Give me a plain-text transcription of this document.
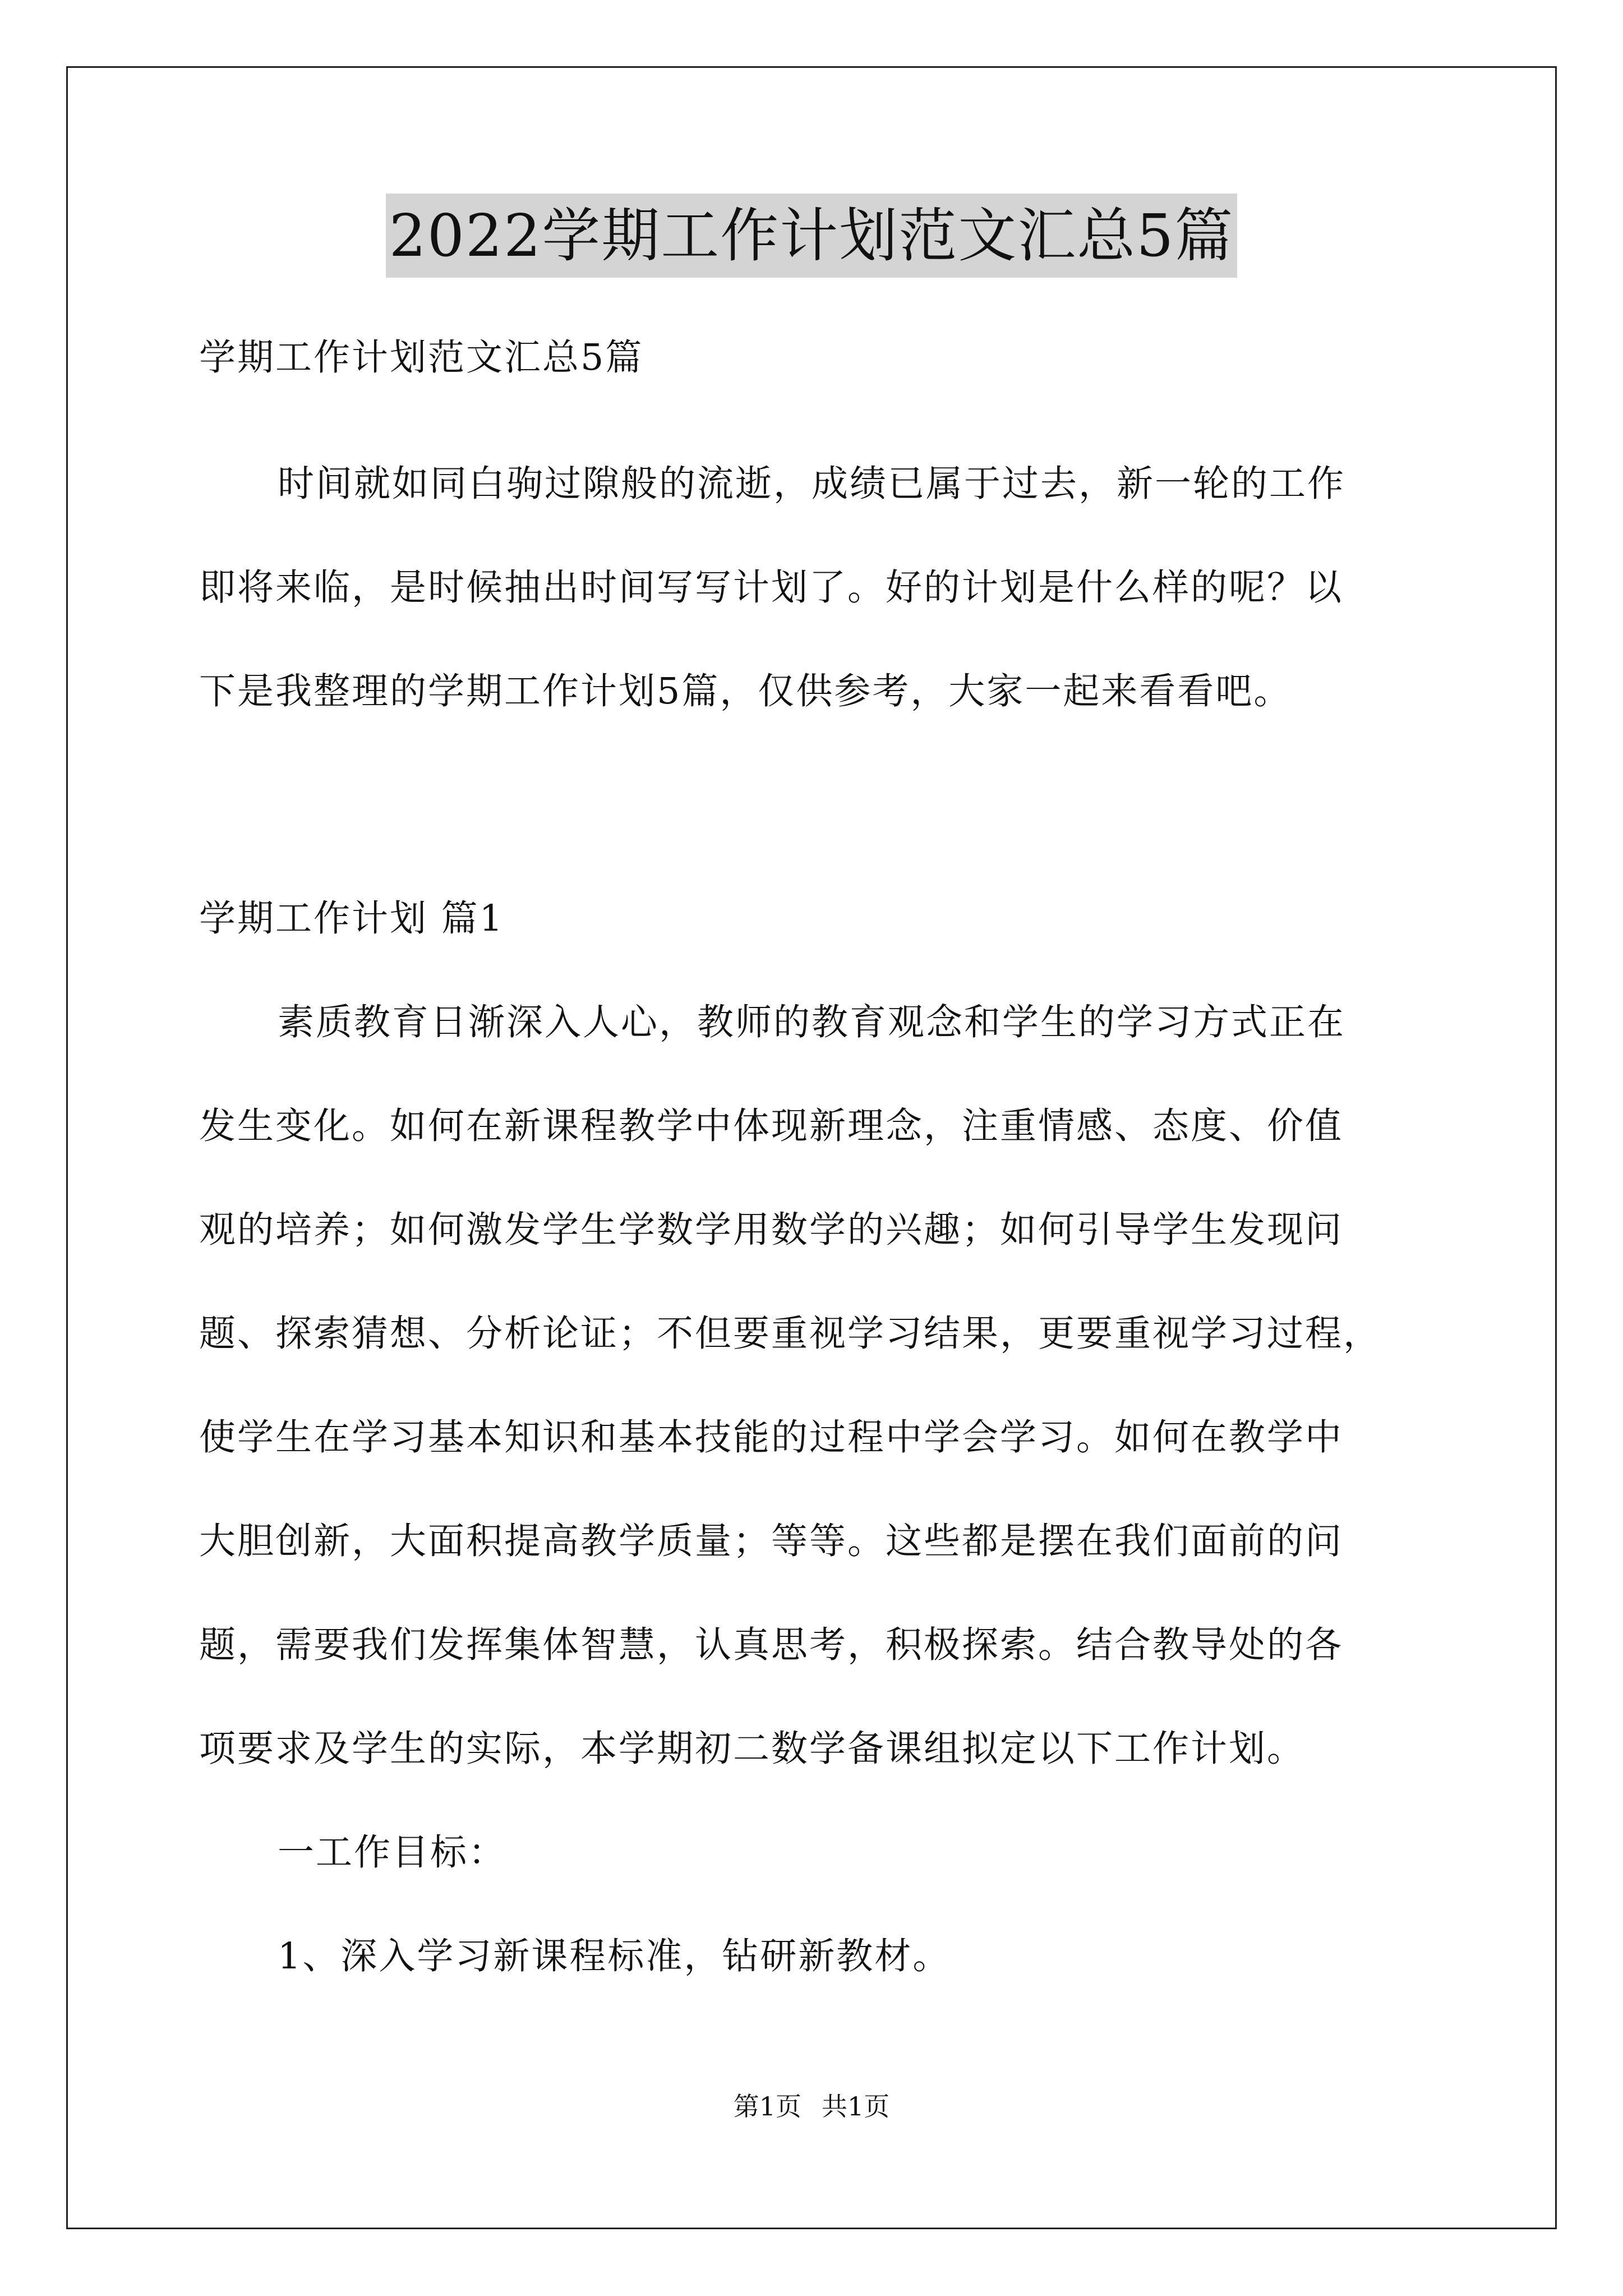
2022学期工作计划范文汇总5篇
学期工作计划范文汇总5篇
时间就如同白驹过隙般的流逝，成绩已属于过去，新一轮的工作
即将来临，是时候抽出时间写写计划了。好的计划是什么样的呢？以
下是我整理的学期工作计划5篇，仅供参考，大家一起来看看吧。
学期工作计划 篇1
素质教育日渐深入人心，教师的教育观念和学生的学习方式正在
发生变化。如何在新课程教学中体现新理念，注重情感、态度、价值
观的培养；如何激发学生学数学用数学的兴趣；如何引导学生发现问
题、探索猜想、分析论证；不但要重视学习结果，更要重视学习过程，
使学生在学习基本知识和基本技能的过程中学会学习。如何在教学中
大胆创新，大面积提高教学质量；等等。这些都是摆在我们面前的问
题，需要我们发挥集体智慧，认真思考，积极探索。结合教导处的各
项要求及学生的实际，本学期初二数学备课组拟定以下工作计划。
一工作目标：
1、深入学习新课程标准，钻研新教材。
第1页 共1页
